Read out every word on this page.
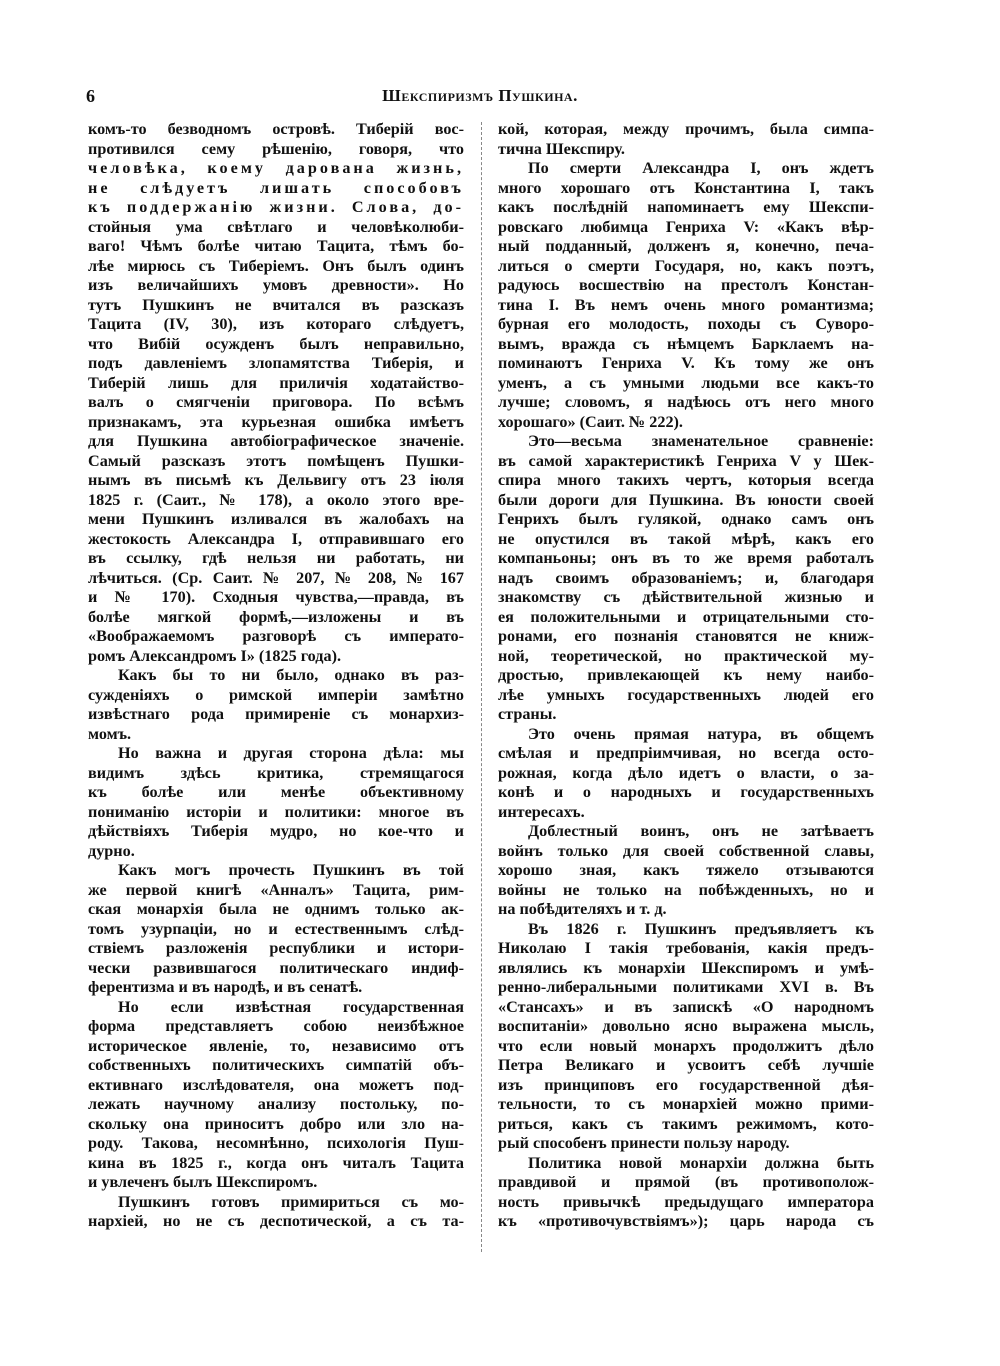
6	Шекспиризмъ Пушкина.
комъ-то безводномъ островѣ. Тиберій вос-
противился сему рѣшенію, говоря, что
человѣка, коему дарована жизнь,
не слѣдуетъ лишать способовъ
къ поддержанію жизни. Слова, до-
стойныя ума свѣтлаго и человѣколюби-
ваго! Чѣмъ болѣе читаю Тацита, тѣмъ бо-
лѣе мирюсь съ Тиберіемъ. Онъ былъ одинъ
изъ величайшихъ умовъ древности». Но
тутъ Пушкинъ не вчитался въ разсказъ
Тацита (IV, 30), изъ котораго слѣдуетъ,
что Вибій осужденъ былъ неправильно,
подъ давленіемъ злопамятства Тиберія, и
Тиберій лишь для приличія ходатайство-
валъ о смягченіи приговора. По всѣмъ
признакамъ, эта курьезная ошибка имѣетъ
для Пушкина автобіографическое значеніе.
Самый разсказъ этотъ помѣщенъ Пушки-
нымъ въ письмѣ къ Дельвигу отъ 23 іюля
1825 г. (Саит., № 178), а около этого вре-
мени Пушкинъ изливался въ жалобахъ на
жестокость Александра I, отправившаго его
въ ссылку, гдѣ нельзя ни работать, ни
лѣчиться. (Ср. Саит. № 207, № 208, № 167
и № 170). Сходныя чувства,—правда, въ
болѣе мягкой формѣ,—изложены и въ
«Воображаемомъ разговорѣ съ императо-
ромъ Александромъ I» (1825 года).
Какъ бы то ни было, однако въ раз-
сужденіяхъ о римской имперіи замѣтно
извѣстнаго рода примиреніе съ монархиз-
момъ.
Но важна и другая сторона дѣла: мы
видимъ здѣсь критика, стремящагося
къ болѣе или менѣе объективному
пониманію исторіи и политики: многое въ
дѣйствіяхъ Тиберія мудро, но кое-что и
дурно.
Какъ могъ прочесть Пушкинъ въ той
же первой книгѣ «Анналъ» Тацита, рим-
ская монархія была не однимъ только ак-
томъ узурпаціи, но и естественнымъ слѣд-
ствіемъ разложенія республики и истори-
чески развившагося политическаго индиф-
ферентизма и въ народѣ, и въ сенатѣ.
Но если извѣстная государственная
форма представляетъ собою неизбѣжное
историческое явленіе, то, независимо отъ
собственныхъ политическихъ симпатій объ-
ективнаго изслѣдователя, она можетъ под-
лежать научному анализу постольку, по-
скольку она приноситъ добро или зло на-
роду. Такова, несомнѣнно, психологія Пуш-
кина въ 1825 г., когда онъ читалъ Тацита
и увлеченъ былъ Шекспиромъ.
Пушкинъ готовъ примириться съ мо-
нархіей, но не съ деспотической, а съ та-
кой, которая, между прочимъ, была симпа-
тична Шекспиру.
По смерти Александра I, онъ ждетъ
много хорошаго отъ Константина I, такъ
какъ послѣдній напоминаетъ ему Шекспи-
ровскаго любимца Генриха V: «Какъ вѣр-
ный подданный, долженъ я, конечно, печа-
литься о смерти Государя, но, какъ поэтъ,
радуюсь восшествію на престолъ Констан-
тина I. Въ немъ очень много романтизма;
бурная его молодость, походы съ Суворо-
вымъ, вражда съ нѣмцемъ Барклаемъ на-
поминаютъ Генриха V. Къ тому же онъ
уменъ, а съ умными людьми все какъ-то
лучше; словомъ, я надѣюсь отъ него много
хорошаго» (Саит. № 222).
Это—весьма знаменательное сравненіе:
въ самой характеристикѣ Генриха V у Шек-
спира много такихъ чертъ, которыя всегда
были дороги для Пушкина. Въ юности своей
Генрихъ былъ гулякой, однако самъ онъ
не опустился въ такой мѣрѣ, какъ его
компаньоны; онъ въ то же время работалъ
надъ своимъ образованіемъ; и, благодаря
знакомству съ дѣйствительной жизнью и
ея положительными и отрицательными сто-
ронами, его познанія становятся не книж-
ной, теоретической, но практической му-
дростью, привлекающей къ нему наибо-
лѣе умныхъ государственныхъ людей его
страны.
Это очень прямая натура, въ общемъ
смѣлая и предпріимчивая, но всегда осто-
рожная, когда дѣло идетъ о власти, о за-
конѣ и о народныхъ и государственныхъ
интересахъ.
Доблестный воинъ, онъ не затѣваетъ
войнъ только для своей собственной славы,
хорошо зная, какъ тяжело отзываются
войны не только на побѣжденныхъ, но и
на побѣдителяхъ и т. д.
Въ 1826 г. Пушкинъ предъявляетъ къ
Николаю I такія требованія, какія предъ-
являлись къ монархіи Шекспиромъ и умѣ-
ренно-либеральными политиками XVI в. Въ
«Стансахъ» и въ запискѣ «О народномъ
воспитаніи» довольно ясно выражена мысль,
что если новый монархъ продолжитъ дѣло
Петра Великаго и усвоитъ себѣ лучшіе
изъ принциповъ его государственной дѣя-
тельности, то съ монархіей можно прими-
риться, какъ съ такимъ режимомъ, кото-
рый способенъ принести пользу народу.
Политика новой монархіи должна быть
правдивой и прямой (въ противополож-
ность привычкѣ предыдущаго императора
къ «противочувствіямъ»); царь народа съ
